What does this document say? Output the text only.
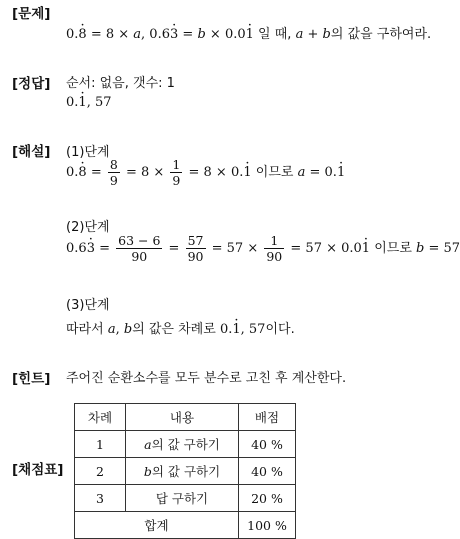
[문제]
0.· 8 = 8 × a, 0.6· 3 = b × 0.0· 1 일 때, a + b의 값을 구하여라.
[정답] 순서: 없음, 갯수: 1
0.· 1, 57
[해설] (1)단계
$0.\cdot 8 = \frac{8}{9} = 8 \times \frac{1}{9} = 8 \times 0.\cdot 1$ 이므로 a = 0.· 1
(2)단계
$0.6\cdot 3 = \frac{63 - 6}{90} = \frac{57}{90} = 57 \times \frac{1}{90} = 57 \times 0.0\cdot 1$ 이므로 b = 57
(3)단계
따라서 a, b의 값은 차례로 0.· 1, 57이다.
[힌트] 주어진 순환소수를 모두 분수로 고친 후 계산한다.
[채점표]
차례	내용	배점
1	a의 값 구하기	40 %
2	b의 값 구하기	40 %
3	답 구하기	20 %
합계		100 %
